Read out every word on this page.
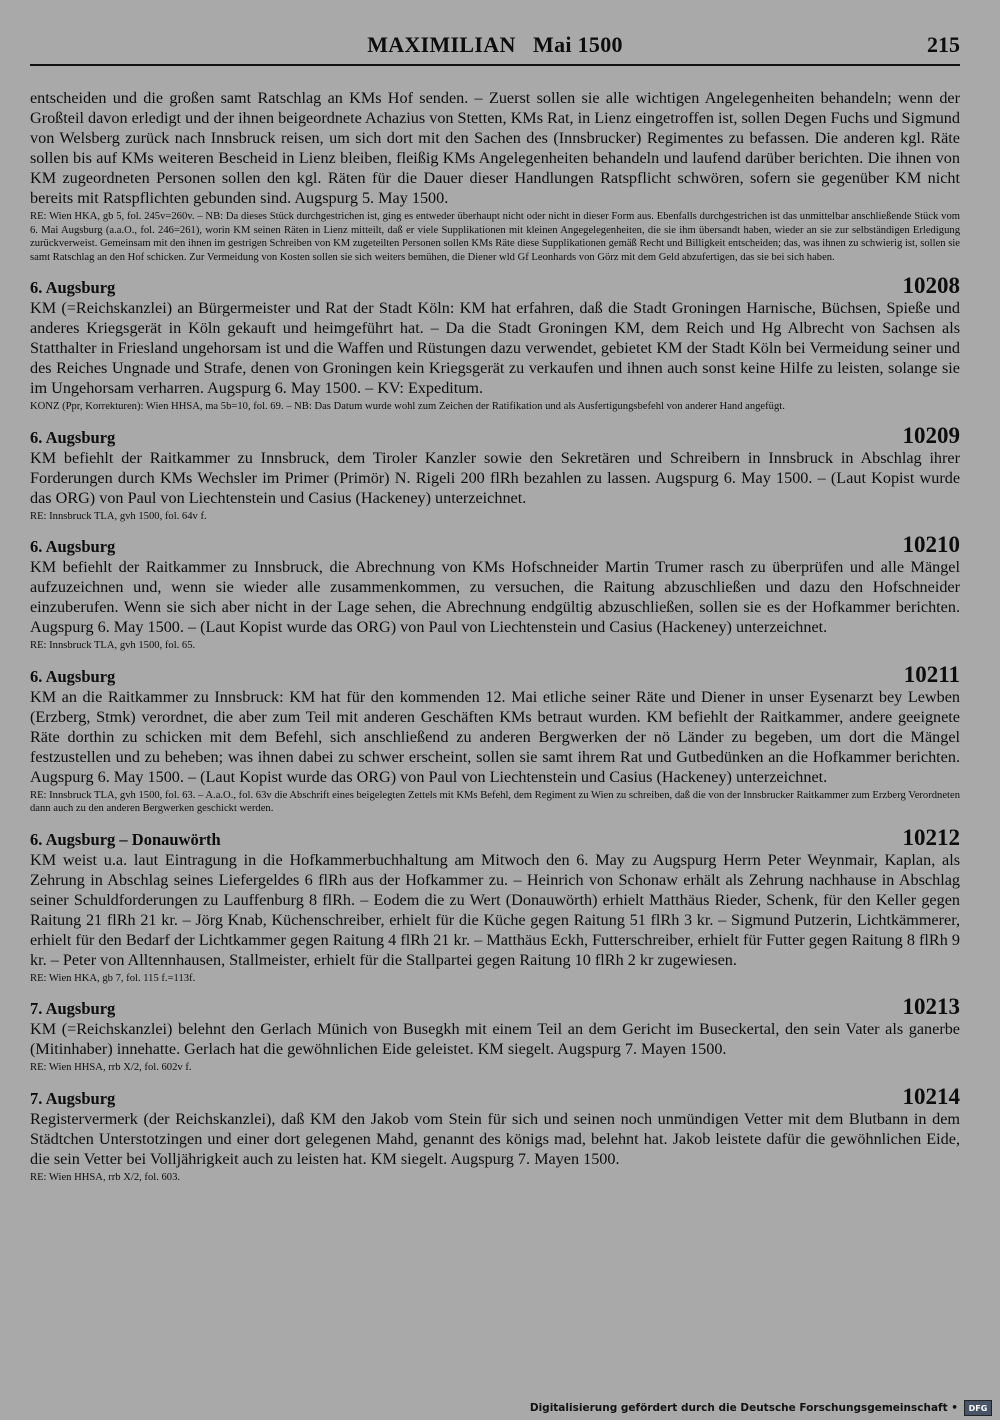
MAXIMILIAN   Mai 1500	215

entscheiden und die großen samt Ratschlag an KMs Hof senden. – Zuerst sollen sie alle wichtigen Angelegenheiten behandeln; wenn der Großteil davon erledigt und der ihnen beigeordnete Achazius von Stetten, KMs Rat, in Lienz eingetroffen ist, sollen Degen Fuchs und Sigmund von Welsberg zurück nach Innsbruck reisen, um sich dort mit den Sachen des (Innsbrucker) Regimentes zu befassen. Die anderen kgl. Räte sollen bis auf KMs weiteren Bescheid in Lienz bleiben, fleißig KMs Angelegenheiten behandeln und laufend darüber berichten. Die ihnen von KM zugeordneten Personen sollen den kgl. Räten für die Dauer dieser Handlungen Ratspflicht schwören, sofern sie gegenüber KM nicht bereits mit Ratspflichten gebunden sind. Augspurg 5. May 1500.

RE: Wien HKA, gb 5, fol. 245v=260v. – NB: Da dieses Stück durchgestrichen ist, ging es entweder überhaupt nicht oder nicht in dieser Form aus. Ebenfalls durchgestrichen ist das unmittelbar anschließende Stück vom 6. Mai Augsburg (a.a.O., fol. 246=261), worin KM seinen Räten in Lienz mitteilt, daß er viele Supplikationen mit kleinen Angegelegenheiten, die sie ihm übersandt haben, wieder an sie zur selbständigen Erledigung zurückverweist. Gemeinsam mit den ihnen im gestrigen Schreiben von KM zugeteilten Personen sollen KMs Räte diese Supplikationen gemäß Recht und Billigkeit entscheiden; das, was ihnen zu schwierig ist, sollen sie samt Ratschlag an den Hof schicken. Zur Vermeidung von Kosten sollen sie sich weiters bemühen, die Diener wld Gf Leonhards von Görz mit dem Geld abzufertigen, das sie bei sich haben.

6. Augsburg	10208

KM (=Reichskanzlei) an Bürgermeister und Rat der Stadt Köln: KM hat erfahren, daß die Stadt Groningen Harnische, Büchsen, Spieße und anderes Kriegsgerät in Köln gekauft und heimgeführt hat. – Da die Stadt Groningen KM, dem Reich und Hg Albrecht von Sachsen als Statthalter in Friesland ungehorsam ist und die Waffen und Rüstungen dazu verwendet, gebietet KM der Stadt Köln bei Vermeidung seiner und des Reiches Ungnade und Strafe, denen von Groningen kein Kriegsgerät zu verkaufen und ihnen auch sonst keine Hilfe zu leisten, solange sie im Ungehorsam verharren. Augspurg 6. May 1500. – KV: Expeditum.

KONZ (Ppr, Korrekturen): Wien HHSA, ma 5b=10, fol. 69. – NB: Das Datum wurde wohl zum Zeichen der Ratifikation und als Ausfertigungsbefehl von anderer Hand angefügt.

6. Augsburg	10209

KM befiehlt der Raitkammer zu Innsbruck, dem Tiroler Kanzler sowie den Sekretären und Schreibern in Innsbruck in Abschlag ihrer Forderungen durch KMs Wechsler im Primer (Primör) N. Rigeli 200 flRh bezahlen zu lassen. Augspurg 6. May 1500. – (Laut Kopist wurde das ORG) von Paul von Liechtenstein und Casius (Hackeney) unterzeichnet.

RE: Innsbruck TLA, gvh 1500, fol. 64v f.

6. Augsburg	10210

KM befiehlt der Raitkammer zu Innsbruck, die Abrechnung von KMs Hofschneider Martin Trumer rasch zu überprüfen und alle Mängel aufzuzeichnen und, wenn sie wieder alle zusammenkommen, zu versuchen, die Raitung abzuschließen und dazu den Hofschneider einzuberufen. Wenn sie sich aber nicht in der Lage sehen, die Abrechnung endgültig abzuschließen, sollen sie es der Hofkammer berichten. Augspurg 6. May 1500. – (Laut Kopist wurde das ORG) von Paul von Liechtenstein und Casius (Hackeney) unterzeichnet.

RE: Innsbruck TLA, gvh 1500, fol. 65.

6. Augsburg	10211

KM an die Raitkammer zu Innsbruck: KM hat für den kommenden 12. Mai etliche seiner Räte und Diener in unser Eysenarzt bey Lewben (Erzberg, Stmk) verordnet, die aber zum Teil mit anderen Geschäften KMs betraut wurden. KM befiehlt der Raitkammer, andere geeignete Räte dorthin zu schicken mit dem Befehl, sich anschließend zu anderen Bergwerken der nö Länder zu begeben, um dort die Mängel festzustellen und zu beheben; was ihnen dabei zu schwer erscheint, sollen sie samt ihrem Rat und Gutbedünken an die Hofkammer berichten. Augspurg 6. May 1500. – (Laut Kopist wurde das ORG) von Paul von Liechtenstein und Casius (Hackeney) unterzeichnet.

RE: Innsbruck TLA, gvh 1500, fol. 63. – A.a.O., fol. 63v die Abschrift eines beigelegten Zettels mit KMs Befehl, dem Regiment zu Wien zu schreiben, daß die von der Innsbrucker Raitkammer zum Erzberg Verordneten dann auch zu den anderen Bergwerken geschickt werden.

6. Augsburg – Donauwörth	10212

KM weist u.a. laut Eintragung in die Hofkammerbuchhaltung am Mitwoch den 6. May zu Augspurg Herrn Peter Weynmair, Kaplan, als Zehrung in Abschlag seines Liefergeldes 6 flRh aus der Hofkammer zu. – Heinrich von Schonaw erhält als Zehrung nachhause in Abschlag seiner Schuldforderungen zu Lauffenburg 8 flRh. – Eodem die zu Wert (Donauwörth) erhielt Matthäus Rieder, Schenk, für den Keller gegen Raitung 21 flRh 21 kr. – Jörg Knab, Küchenschreiber, erhielt für die Küche gegen Raitung 51 flRh 3 kr. – Sigmund Putzerin, Lichtkämmerer, erhielt für den Bedarf der Lichtkammer gegen Raitung 4 flRh 21 kr. – Matthäus Eckh, Futterschreiber, erhielt für Futter gegen Raitung 8 flRh 9 kr. – Peter von Alltennhausen, Stallmeister, erhielt für die Stallpartei gegen Raitung 10 flRh 2 kr zugewiesen.

RE: Wien HKA, gb 7, fol. 115 f.=113f.

7. Augsburg	10213

KM (=Reichskanzlei) belehnt den Gerlach Münich von Busegkh mit einem Teil an dem Gericht im Buseckertal, den sein Vater als ganerbe (Mitinhaber) innehatte. Gerlach hat die gewöhnlichen Eide geleistet. KM siegelt. Augspurg 7. Mayen 1500.

RE: Wien HHSA, rrb X/2, fol. 602v f.

7. Augsburg	10214

Registervermerk (der Reichskanzlei), daß KM den Jakob vom Stein für sich und seinen noch unmündigen Vetter mit dem Blutbann in dem Städtchen Unterstotzingen und einer dort gelegenen Mahd, genannt des königs mad, belehnt hat. Jakob leistete dafür die gewöhnlichen Eide, die sein Vetter bei Volljährigkeit auch zu leisten hat. KM siegelt. Augspurg 7. Mayen 1500.

RE: Wien HHSA, rrb X/2, fol. 603.

Digitalisierung gefördert durch die Deutsche Forschungsgemeinschaft •	DFG
